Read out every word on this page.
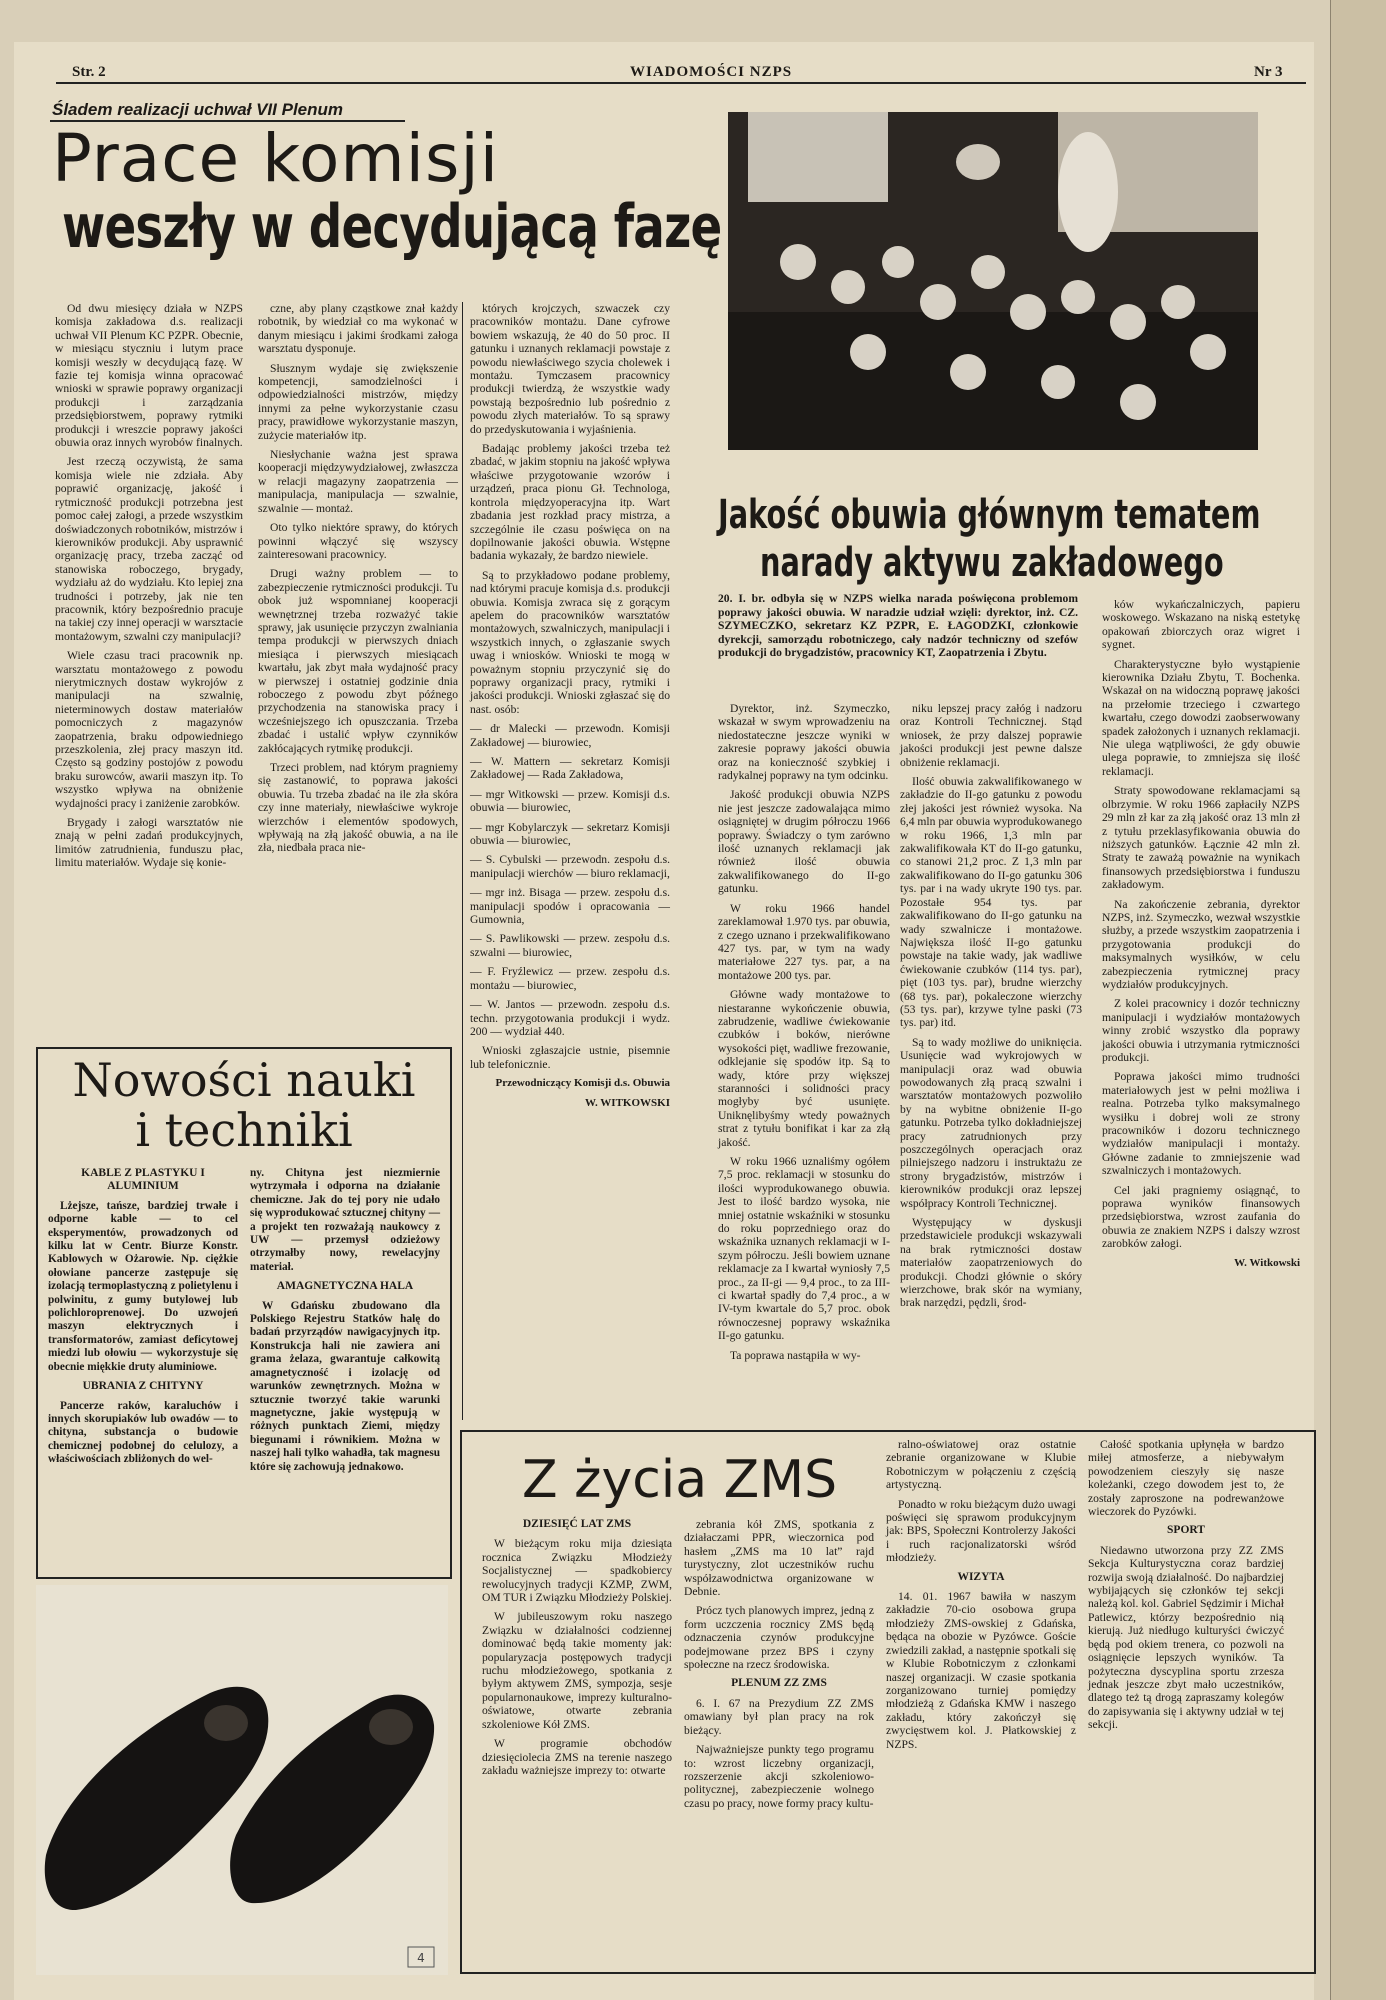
Str. 2	WIADOMOŚCI NZPS	Nr 3
Śladem realizacji uchwał VII Plenum
Prace komisji
weszły w decydującą fazę

Od dwu miesięcy działa w NZPS komisja zakładowa d.s. realizacji uchwał VII Plenum KC PZPR. Obecnie, w miesiącu styczniu i lutym prace komisji weszły w decydującą fazę. W fazie tej komisja winna opracować wnioski w sprawie poprawy organizacji produkcji i zarządzania przedsiębiorstwem, poprawy rytmiki produkcji i wreszcie poprawy jakości obuwia oraz innych wyrobów finalnych.

Jest rzeczą oczywistą, że sama komisja wiele nie zdziała. Aby poprawić organizację, jakość i rytmiczność produkcji potrzebna jest pomoc całej załogi, a przede wszystkim doświadczonych robotników, mistrzów i kierowników produkcji. Aby usprawnić organizację pracy, trzeba zacząć od stanowiska roboczego, brygady, wydziału aż do wydziału. Kto lepiej zna trudności i potrzeby, jak nie ten pracownik, który bezpośrednio pracuje na takiej czy innej operacji w warsztacie montażowym, szwalni czy manipulacji?

Wiele czasu traci pracownik np. warsztatu montażowego z powodu nierytmicznych dostaw wykrojów z manipulacji na szwalnię, nieterminowych dostaw materiałów pomocniczych z magazynów zaopatrzenia, braku odpowiedniego przeszkolenia, złej pracy maszyn itd. Często są godziny postojów z powodu braku surowców, awarii maszyn itp. To wszystko wpływa na obniżenie wydajności pracy i zaniżenie zarobków.

Brygady i załogi warsztatów nie znają w pełni zadań produkcyjnych, limitów zatrudnienia, funduszu płac, limitu materiałów. Wydaje się konie-

czne, aby plany cząstkowe znał każdy robotnik, by wiedział co ma wykonać w danym miesiącu i jakimi środkami załoga warsztatu dysponuje.

Słusznym wydaje się zwiększenie kompetencji, samodzielności i odpowiedzialności mistrzów, między innymi za pełne wykorzystanie czasu pracy, prawidłowe wykorzystanie maszyn, zużycie materiałów itp.

Niesłychanie ważna jest sprawa kooperacji międzywydziałowej, zwłaszcza w relacji magazyny zaopatrzenia — manipulacja, manipulacja — szwalnie, szwalnie — montaż.

Oto tylko niektóre sprawy, do których powinni włączyć się wszyscy zainteresowani pracownicy.

Drugi ważny problem — to zabezpieczenie rytmiczności produkcji. Tu obok już wspomnianej kooperacji wewnętrznej trzeba rozważyć takie sprawy, jak usunięcie przyczyn zwalniania tempa produkcji w pierwszych dniach miesiąca i pierwszych miesiącach kwartału, jak zbyt mała wydajność pracy w pierwszej i ostatniej godzinie dnia roboczego z powodu zbyt późnego przychodzenia na stanowiska pracy i wcześniejszego ich opuszczania. Trzeba zbadać i ustalić wpływ czynników zakłócających rytmikę produkcji.

Trzeci problem, nad którym pragniemy się zastanowić, to poprawa jakości obuwia. Tu trzeba zbadać na ile zła skóra czy inne materiały, niewłaściwe wykroje wierzchów i elementów spodowych, wpływają na złą jakość obuwia, a na ile zła, niedbała praca nie-

których krojczych, szwaczek czy pracowników montażu. Dane cyfrowe bowiem wskazują, że 40 do 50 proc. II gatunku i uznanych reklamacji powstaje z powodu niewłaściwego szycia cholewek i montażu. Tymczasem pracownicy produkcji twierdzą, że wszystkie wady powstają bezpośrednio lub pośrednio z powodu złych materiałów. To są sprawy do przedyskutowania i wyjaśnienia.

Badając problemy jakości trzeba też zbadać, w jakim stopniu na jakość wpływa właściwe przygotowanie wzorów i urządzeń, praca pionu Gł. Technologa, kontrola międzyoperacyjna itp. Wart zbadania jest rozkład pracy mistrza, a szczególnie ile czasu poświęca on na dopilnowanie jakości obuwia. Wstępne badania wykazały, że bardzo niewiele.

Są to przykładowo podane problemy, nad którymi pracuje komisja d.s. produkcji obuwia. Komisja zwraca się z gorącym apelem do pracowników warsztatów montażowych, szwalniczych, manipulacji i wszystkich innych, o zgłaszanie swych uwag i wniosków. Wnioski te mogą w poważnym stopniu przyczynić się do poprawy organizacji pracy, rytmiki i jakości produkcji. Wnioski zgłaszać się do nast. osób:

— dr Malecki — przewodn. Komisji Zakładowej — biurowiec,

— W. Mattern — sekretarz Komisji Zakładowej — Rada Zakładowa,

— mgr Witkowski — przew. Komisji d.s. obuwia — biurowiec,

— mgr Kobylarczyk — sekretarz Komisji obuwia — biurowiec,

— S. Cybulski — przewodn. zespołu d.s. manipulacji wierchów — biuro reklamacji,

— mgr inż. Bisaga — przew. zespołu d.s. manipulacji spodów i opracowania — Gumownia,

— S. Pawlikowski — przew. zespołu d.s. szwalni — biurowiec,

— F. Fryźlewicz — przew. zespołu d.s. montażu — biurowiec,

— W. Jantos — przewodn. zespołu d.s. techn. przygotowania produkcji i wydz. 200 — wydział 440.

Wnioski zgłaszajcie ustnie, pisemnie lub telefonicznie.

Przewodniczący Komisji d.s. Obuwia

W. WITKOWSKI

Nowości nauki
i techniki

KABLE Z PLASTYKU I ALUMINIUM

Lżejsze, tańsze, bardziej trwałe i odporne kable — to cel eksperymentów, prowadzonych od kilku lat w Centr. Biurze Konstr. Kablowych w Ożarowie. Np. ciężkie ołowiane pancerze zastępuje się izolacją termoplastyczną z polietylenu i polwinitu, z gumy butylowej lub polichloroprenowej. Do uzwojeń maszyn elektrycznych i transformatorów, zamiast deficytowej miedzi lub ołowiu — wykorzystuje się obecnie miękkie druty aluminiowe.

UBRANIA Z CHITYNY

Pancerze raków, karaluchów i innych skorupiaków lub owadów — to chityna, substancja o budowie chemicznej podobnej do celulozy, a właściwościach zbliżonych do wel-

ny. Chityna jest niezmiernie wytrzymała i odporna na działanie chemiczne. Jak do tej pory nie udało się wyprodukować sztucznej chityny — a projekt ten rozważają naukowcy z UW — przemysł odzieżowy otrzymałby nowy, rewelacyjny materiał.

AMAGNETYCZNA HALA

W Gdańsku zbudowano dla Polskiego Rejestru Statków halę do badań przyrządów nawigacyjnych itp. Konstrukcja hali nie zawiera ani grama żelaza, gwarantuje całkowitą amagnetyczność i izolację od warunków zewnętrznych. Można w sztucznie tworzyć takie warunki magnetyczne, jakie występują w różnych punktach Ziemi, między biegunami i równikiem. Można w naszej hali tylko wahadła, tak magnesu które się zachowują jednakowo.

4
Jakość obuwia głównym tematem
narady aktywu zakładowego
20. I. br. odbyła się w NZPS wielka narada poświęcona problemom poprawy jakości obuwia. W naradzie udział wzięli: dyrektor, inż. CZ. SZYMECZKO, sekretarz KZ PZPR, E. ŁAGODZKI, członkowie dyrekcji, samorządu robotniczego, cały nadzór techniczny od szefów produkcji do brygadzistów, pracownicy KT, Zaopatrzenia i Zbytu.

Dyrektor, inż. Szymeczko, wskazał w swym wprowadzeniu na niedostateczne jeszcze wyniki w zakresie poprawy jakości obuwia oraz na konieczność szybkiej i radykalnej poprawy na tym odcinku.

Jakość produkcji obuwia NZPS nie jest jeszcze zadowalająca mimo osiągniętej w drugim półroczu 1966 poprawy. Świadczy o tym zarówno ilość uznanych reklamacji jak również ilość obuwia zakwalifikowanego do II-go gatunku.

W roku 1966 handel zareklamował 1.970 tys. par obuwia, z czego uznano i przekwalifikowano 427 tys. par, w tym na wady materiałowe 227 tys. par, a na montażowe 200 tys. par.

Główne wady montażowe to niestaranne wykończenie obuwia, zabrudzenie, wadliwe ćwiekowanie czubków i boków, nierówne wysokości pięt, wadliwe frezowanie, odklejanie się spodów itp. Są to wady, które przy większej staranności i solidności pracy mogłyby być usunięte. Uniknęlibyśmy wtedy poważnych strat z tytułu bonifikat i kar za złą jakość.

W roku 1966 uznaliśmy ogółem 7,5 proc. reklamacji w stosunku do ilości wyprodukowanego obuwia. Jest to ilość bardzo wysoka, nie mniej ostatnie wskaźniki w stosunku do roku poprzedniego oraz do wskaźnika uznanych reklamacji w I-szym półroczu. Jeśli bowiem uznane reklamacje za I kwartał wyniosły 7,5 proc., za II-gi — 9,4 proc., to za III-ci kwartał spadły do 7,4 proc., a w IV-tym kwartale do 5,7 proc. obok równoczesnej poprawy wskaźnika II-go gatunku.

Ta poprawa nastąpiła w wy-

niku lepszej pracy załóg i nadzoru oraz Kontroli Technicznej. Stąd wniosek, że przy dalszej poprawie jakości produkcji jest pewne dalsze obniżenie reklamacji.

Ilość obuwia zakwalifikowanego w zakładzie do II-go gatunku z powodu złej jakości jest również wysoka. Na 6,4 mln par obuwia wyprodukowanego w roku 1966, 1,3 mln par zakwalifikowała KT do II-go gatunku, co stanowi 21,2 proc. Z 1,3 mln par zakwalifikowano do II-go gatunku 306 tys. par i na wady ukryte 190 tys. par. Pozostałe 954 tys. par zakwalifikowano do II-go gatunku na wady szwalnicze i montażowe. Największa ilość II-go gatunku powstaje na takie wady, jak wadliwe ćwiekowanie czubków (114 tys. par), pięt (103 tys. par), brudne wierzchy (68 tys. par), pokaleczone wierzchy (53 tys. par), krzywe tylne paski (73 tys. par) itd.

Są to wady możliwe do uniknięcia. Usunięcie wad wykrojowych w manipulacji oraz wad obuwia powodowanych złą pracą szwalni i warsztatów montażowych pozwoliło by na wybitne obniżenie II-go gatunku. Potrzeba tylko dokładniejszej pracy zatrudnionych przy poszczególnych operacjach oraz pilniejszego nadzoru i instruktażu ze strony brygadzistów, mistrzów i kierowników produkcji oraz lepszej współpracy Kontroli Technicznej.

Występujący w dyskusji przedstawiciele produkcji wskazywali na brak rytmiczności dostaw materiałów zaopatrzeniowych do produkcji. Chodzi głównie o skóry wierzchowe, brak skór na wymiany, brak narzędzi, pędzli, środ-

ków wykańczalniczych, papieru woskowego. Wskazano na niską estetykę opakowań zbiorczych oraz wigret i sygnet.

Charakterystyczne było wystąpienie kierownika Działu Zbytu, T. Bochenka. Wskazał on na widoczną poprawę jakości na przełomie trzeciego i czwartego kwartału, czego dowodzi zaobserwowany spadek założonych i uznanych reklamacji. Nie ulega wątpliwości, że gdy obuwie ulega poprawie, to zmniejsza się ilość reklamacji.

Straty spowodowane reklamacjami są olbrzymie. W roku 1966 zapłaciły NZPS 29 mln zł kar za złą jakość oraz 13 mln zł z tytułu przeklasyfikowania obuwia do niższych gatunków. Łącznie 42 mln zł. Straty te zaważą poważnie na wynikach finansowych przedsiębiorstwa i funduszu zakładowym.

Na zakończenie zebrania, dyrektor NZPS, inż. Szymeczko, wezwał wszystkie służby, a przede wszystkim zaopatrzenia i przygotowania produkcji do maksymalnych wysiłków, w celu zabezpieczenia rytmicznej pracy wydziałów produkcyjnych.

Z kolei pracownicy i dozór techniczny manipulacji i wydziałów montażowych winny zrobić wszystko dla poprawy jakości obuwia i utrzymania rytmiczności produkcji.

Poprawa jakości mimo trudności materiałowych jest w pełni możliwa i realna. Potrzeba tylko maksymalnego wysiłku i dobrej woli ze strony pracowników i dozoru technicznego wydziałów manipulacji i montaży. Główne zadanie to zmniejszenie wad szwalniczych i montażowych.

Cel jaki pragniemy osiągnąć, to poprawa wyników finansowych przedsiębiorstwa, wzrost zaufania do obuwia ze znakiem NZPS i dalszy wzrost zarobków załogi.

W. Witkowski

Z życia ZMS

DZIESIĘĆ LAT ZMS

W bieżącym roku mija dziesiąta rocznica Związku Młodzieży Socjalistycznej — spadkobiercy rewolucyjnych tradycji KZMP, ZWM, OM TUR i Związku Młodzieży Polskiej.

W jubileuszowym roku naszego Związku w działalności codziennej dominować będą takie momenty jak: popularyzacja postępowych tradycji ruchu młodzieżowego, spotkania z byłym aktywem ZMS, sympozja, sesje popularnonaukowe, imprezy kulturalno-oświatowe, otwarte zebrania szkoleniowe Kół ZMS.

W programie obchodów dziesięciolecia ZMS na terenie naszego zakładu ważniejsze imprezy to: otwarte

zebrania kół ZMS, spotkania z działaczami PPR, wieczornica pod hasłem „ZMS ma 10 lat” rajd turystyczny, zlot uczestników ruchu współzawodnictwa organizowane w Debnie.

Prócz tych planowych imprez, jedną z form uczczenia rocznicy ZMS będą odznaczenia czynów produkcyjne podejmowane przez BPS i czyny społeczne na rzecz środowiska.

PLENUM ZZ ZMS

6. I. 67 na Prezydium ZZ ZMS omawiany był plan pracy na rok bieżący.

Najważniejsze punkty tego programu to: wzrost liczebny organizacji, rozszerzenie akcji szkoleniowo-politycznej, zabezpieczenie wolnego czasu po pracy, nowe formy pracy kultu-

ralno-oświatowej oraz ostatnie zebranie organizowane w Klubie Robotniczym w połączeniu z częścią artystyczną.

Ponadto w roku bieżącym dużo uwagi poświęci się sprawom produkcyjnym jak: BPS, Społeczni Kontrolerzy Jakości i ruch racjonalizatorski wśród młodzieży.

WIZYTA

14. 01. 1967 bawiła w naszym zakładzie 70-cio osobowa grupa młodzieży ZMS-owskiej z Gdańska, będąca na obozie w Pyzówce. Goście zwiedzili zakład, a następnie spotkali się w Klubie Robotniczym z członkami naszej organizacji. W czasie spotkania zorganizowano turniej pomiędzy młodzieżą z Gdańska KMW i naszego zakładu, który zakończył się zwycięstwem kol. J. Płatkowskiej z NZPS.

Całość spotkania upłynęła w bardzo miłej atmosferze, a niebywałym powodzeniem cieszyły się nasze koleżanki, czego dowodem jest to, że zostały zaproszone na podrewanżowe wieczorek do Pyzówki.

SPORT

Niedawno utworzona przy ZZ ZMS Sekcja Kulturystyczna coraz bardziej rozwija swoją działalność. Do najbardziej wybijających się członków tej sekcji należą kol. kol. Gabriel Sędzimir i Michał Patlewicz, którzy bezpośrednio nią kierują. Już niedługo kulturyści ćwiczyć będą pod okiem trenera, co pozwoli na osiągnięcie lepszych wyników. Ta pożyteczna dyscyplina sportu zrzesza jednak jeszcze zbyt mało uczestników, dlatego też tą drogą zapraszamy kolegów do zapisywania się i aktywny udział w tej sekcji.
